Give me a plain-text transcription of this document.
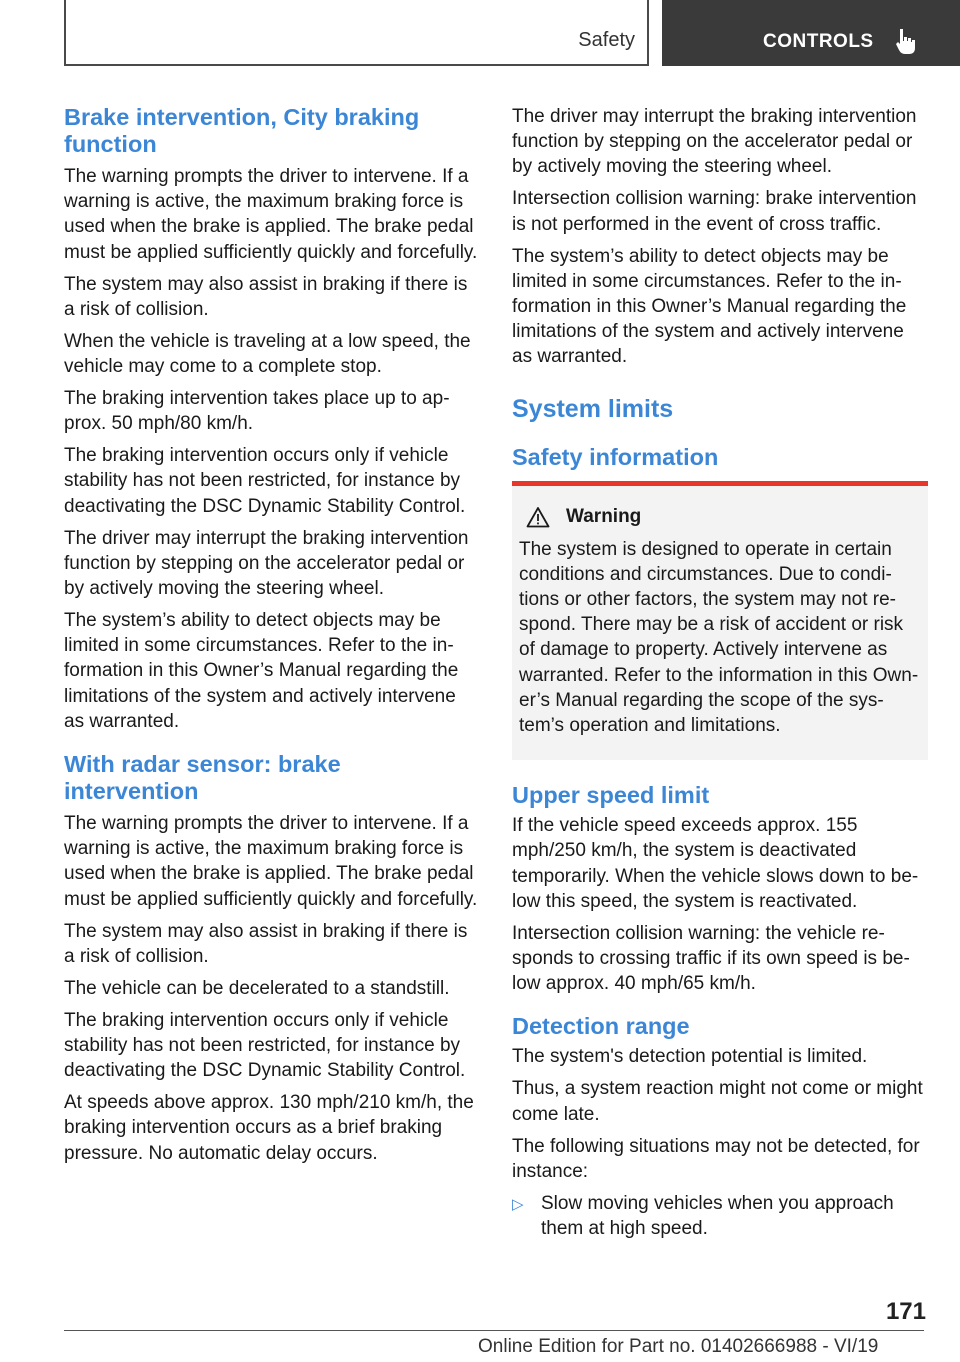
Safety	CONTROLS
Brake intervention, City braking function

The warning prompts the driver to intervene. If a warning is active, the maximum braking force is used when the brake is applied. The brake pedal must be applied sufficiently quickly and forcefully.

The system may also assist in braking if there is a risk of collision.

When the vehicle is traveling at a low speed, the vehicle may come to a complete stop.

The braking intervention takes place up to approx. 50 mph/80 km/h.

The braking intervention occurs only if vehicle stability has not been restricted, for instance by deactivating the DSC Dynamic Stability Control.

The driver may interrupt the braking intervention function by stepping on the accelerator pedal or by actively moving the steering wheel.

The system’s ability to detect objects may be limited in some circumstances. Refer to the information in this Owner’s Manual regarding the limitations of the system and actively intervene as warranted.

With radar sensor: brake intervention

The warning prompts the driver to intervene. If a warning is active, the maximum braking force is used when the brake is applied. The brake pedal must be applied sufficiently quickly and forcefully.

The system may also assist in braking if there is a risk of collision.

The vehicle can be decelerated to a standstill.

The braking intervention occurs only if vehicle stability has not been restricted, for instance by deactivating the DSC Dynamic Stability Control.

At speeds above approx. 130 mph/210 km/h, the braking intervention occurs as a brief braking pressure. No automatic delay occurs.

The driver may interrupt the braking intervention function by stepping on the accelerator pedal or by actively moving the steering wheel.

Intersection collision warning: brake intervention is not performed in the event of cross traffic.

The system’s ability to detect objects may be limited in some circumstances. Refer to the information in this Owner’s Manual regarding the limitations of the system and actively intervene as warranted.

System limits
Safety information
Warning

The system is designed to operate in certain conditions and circumstances. Due to conditions or other factors, the system may not respond. There may be a risk of accident or risk of damage to property. Actively intervene as warranted. Refer to the information in this Owner’s Manual regarding the scope of the system’s operation and limitations.

Upper speed limit

If the vehicle speed exceeds approx. 155 mph/250 km/h, the system is deactivated temporarily. When the vehicle slows down to below this speed, the system is reactivated.

Intersection collision warning: the vehicle responds to crossing traffic if its own speed is below approx. 40 mph/65 km/h.

Detection range

The system's detection potential is limited.

Thus, a system reaction might not come or might come late.

The following situations may not be detected, for instance:

▷ Slow moving vehicles when you approach them at high speed.
171
Online Edition for Part no. 01402666988 - VI/19
